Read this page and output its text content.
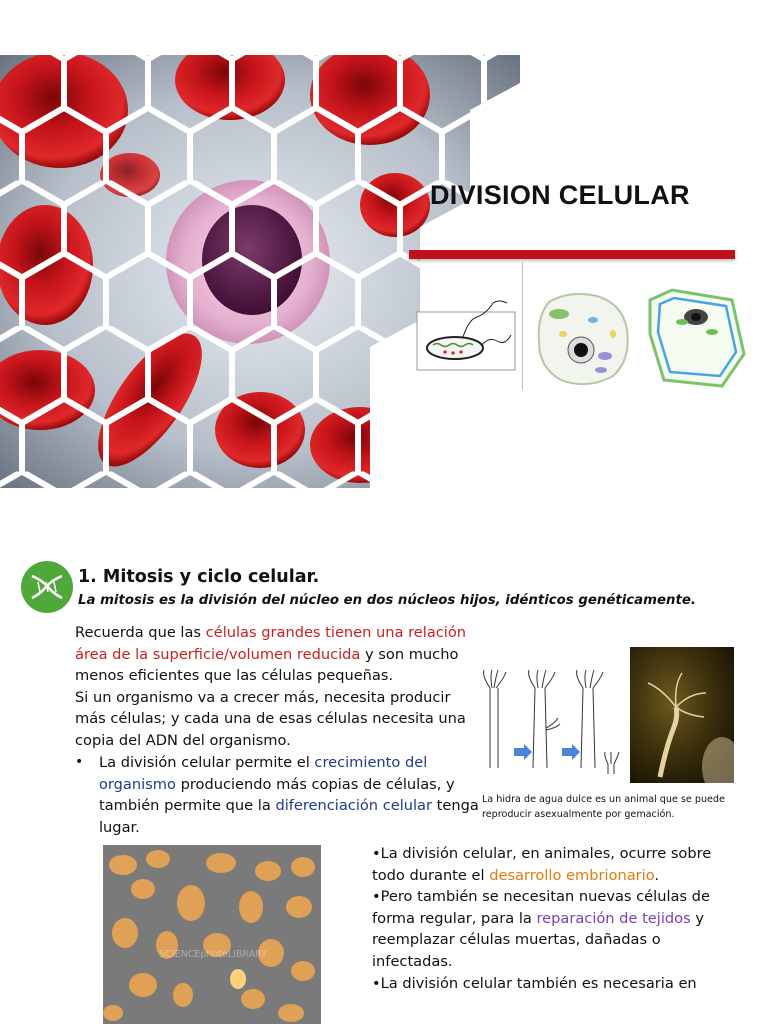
DIVISION CELULAR
1. Mitosis y ciclo celular.
La mitosis es la división del núcleo en dos núcleos hijos, idénticos genéticamente.
Recuerda que las células grandes tienen una relación área de la superficie/volumen reducida y son mucho menos eficientes que las células pequeñas.
Si un organismo va a crecer más, necesita producir más células; y cada una de esas células necesita una copia del ADN del organismo.
• La división celular permite el crecimiento del organismo produciendo más copias de células, y también permite que la diferenciación celular tenga lugar.
La hidra de agua dulce es un animal que se puede reproducir asexualmente por gemación.
SCIENCEphotoLIBRARY
•La división celular, en animales, ocurre sobre todo durante el desarrollo embrionario.
•Pero también se necesitan nuevas células de forma regular, para la reparación de tejidos y reemplazar células muertas, dañadas o infectadas.
•La división celular también es necesaria en
